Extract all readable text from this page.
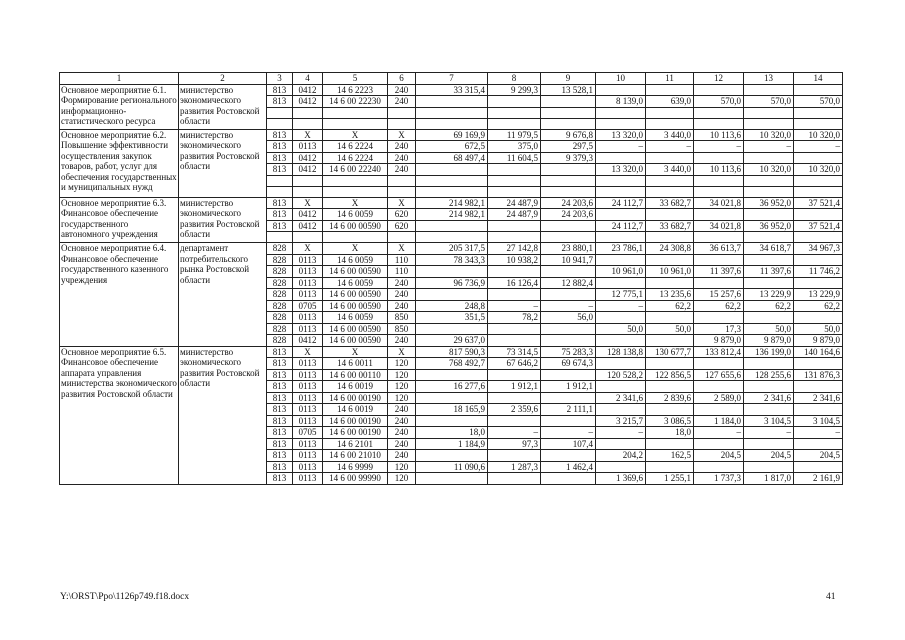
1	2	3	4	5	6	7	8	9	10	11	12	13	14
Основное мероприятие 6.1. Формирование регионального информационно-статистического ресурса	министерство экономического развития Ростовской области	813	0412	14 6 2223	240	33 315,4	9 299,3	13 528,1					
		813	0412	14 6 00 22230	240				8 139,0	639,0	570,0	570,0	570,0

Основное мероприятие 6.2. Повышение эффективности осуществления закупок товаров, работ, услуг для обеспечения государственных и муниципальных нужд	министерство экономического развития Ростовской области	813	Х	Х	Х	69 169,9	11 979,5	9 676,8	13 320,0	3 440,0	10 113,6	10 320,0	10 320,0
		813	0113	14 6 2224	240	672,5	375,0	297,5	–	–	–	–	–
		813	0412	14 6 2224	240	68 497,4	11 604,5	9 379,3					
		813	0412	14 6 00 22240	240				13 320,0	3 440,0	10 113,6	10 320,0	10 320,0

Основное мероприятие 6.3. Финансовое обеспечение государственного автономного учреждения	министерство экономического развития Ростовской области	813	Х	Х	Х	214 982,1	24 487,9	24 203,6	24 112,7	33 682,7	34 021,8	36 952,0	37 521,4
		813	0412	14 6 0059	620	214 982,1	24 487,9	24 203,6					
		813	0412	14 6 00 00590	620				24 112,7	33 682,7	34 021,8	36 952,0	37 521,4

Основное мероприятие 6.4. Финансовое обеспечение государственного казенного учреждения	департамент потребительского рынка Ростовской области	828	Х	Х	Х	205 317,5	27 142,8	23 880,1	23 786,1	24 308,8	36 613,7	34 618,7	34 967,3
		828	0113	14 6 0059	110	78 343,3	10 938,2	10 941,7					
		828	0113	14 6 00 00590	110				10 961,0	10 961,0	11 397,6	11 397,6	11 746,2
		828	0113	14 6 0059	240	96 736,9	16 126,4	12 882,4					
		828	0113	14 6 00 00590	240				12 775,1	13 235,6	15 257,6	13 229,9	13 229,9
		828	0705	14 6 00 00590	240	248,8	–	–	–	62,2	62,2	62,2	62,2
		828	0113	14 6 0059	850	351,5	78,2	56,0					
		828	0113	14 6 00 00590	850				50,0	50,0	17,3	50,0	50,0
		828	0412	14 6 00 00590	240	29 637,0					9 879,0	9 879,0	9 879,0
Основное мероприятие 6.5. Финансовое обеспечение аппарата управления министерства экономического развития Ростовской области	министерство экономического развития Ростовской области	813	Х	Х	Х	817 590,3	73 314,5	75 283,3	128 138,8	130 677,7	133 812,4	136 199,0	140 164,6
		813	0113	14 6 0011	120	768 492,7	67 646,2	69 674,3					
		813	0113	14 6 00 00110	120				120 528,2	122 856,5	127 655,6	128 255,6	131 876,3
		813	0113	14 6 0019	120	16 277,6	1 912,1	1 912,1					
		813	0113	14 6 00 00190	120				2 341,6	2 839,6	2 589,0	2 341,6	2 341,6
		813	0113	14 6 0019	240	18 165,9	2 359,6	2 111,1					
		813	0113	14 6 00 00190	240				3 215,7	3 086,5	1 184,0	3 104,5	3 104,5
		813	0705	14 6 00 00190	240	18,0	–	–	–	18,0	–	–	–
		813	0113	14 6 2101	240	1 184,9	97,3	107,4					
		813	0113	14 6 00 21010	240				204,2	162,5	204,5	204,5	204,5
		813	0113	14 6 9999	120	11 090,6	1 287,3	1 462,4					
		813	0113	14 6 00 99990	120				1 369,6	1 255,1	1 737,3	1 817,0	2 161,9
Y:\ORST\Ppo\1126p749.f18.docx	41
